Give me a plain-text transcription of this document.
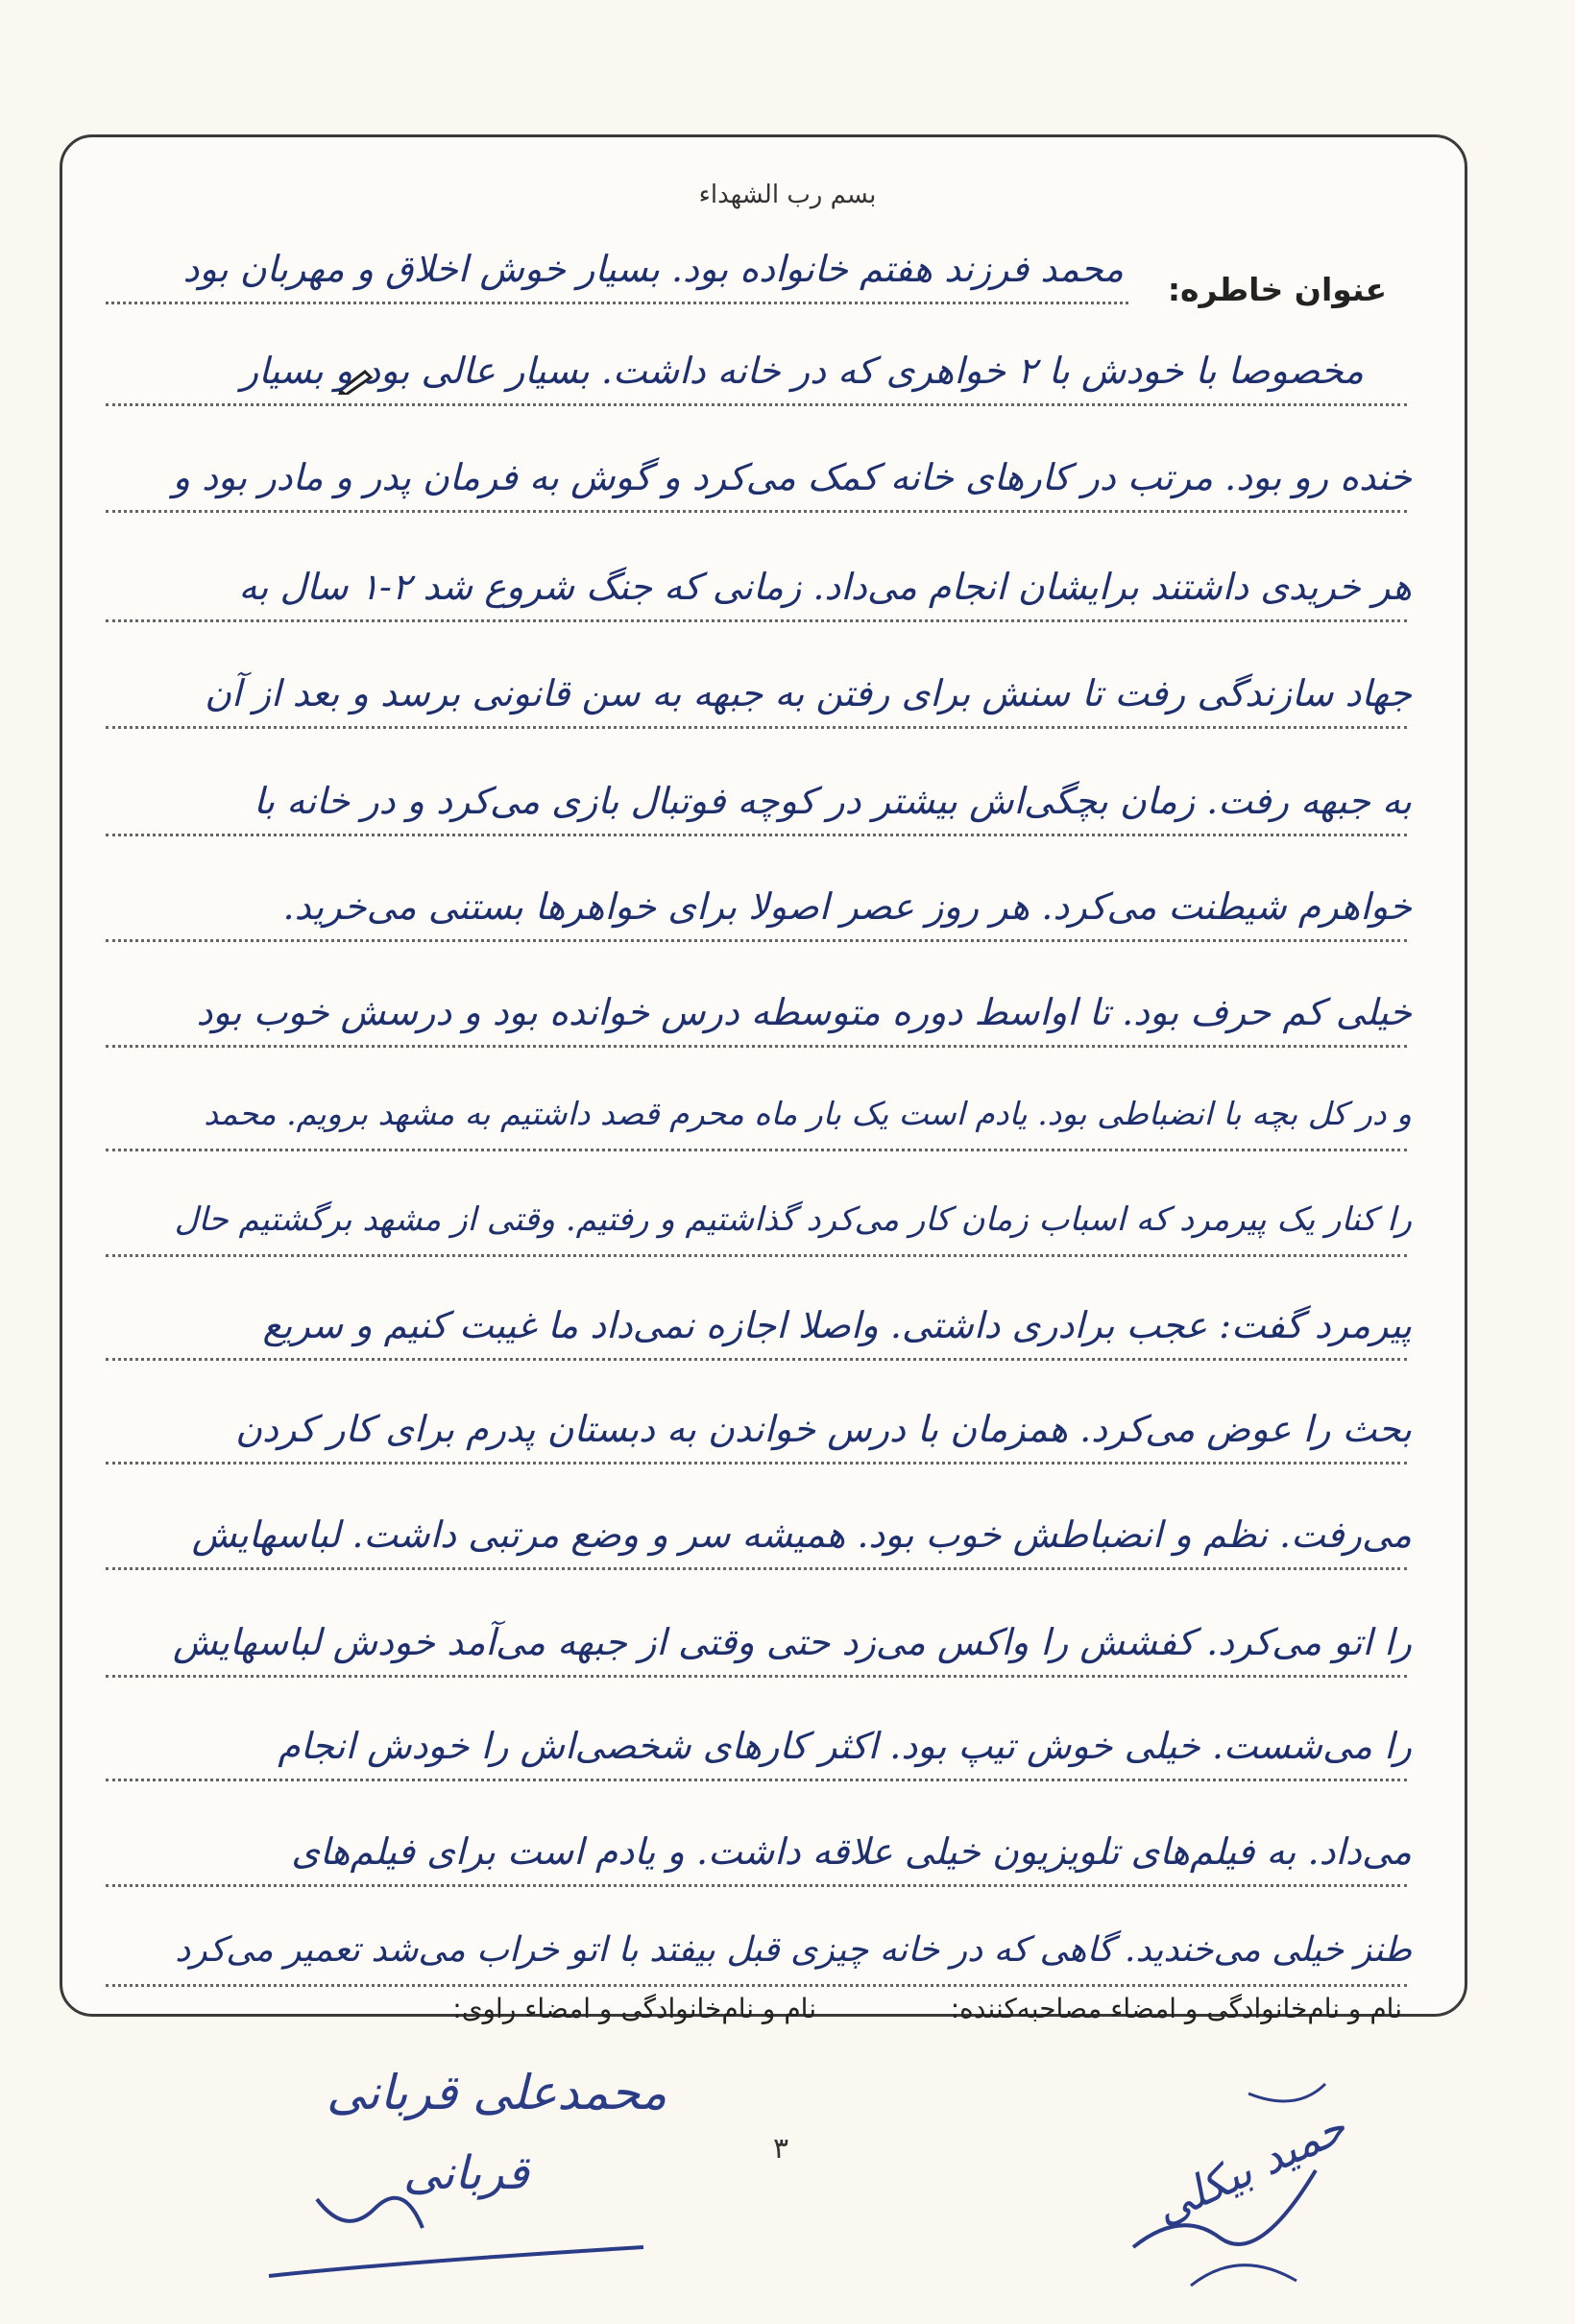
بسم رب الشهداء
عنوان خاطره:
محمد فرزند هفتم خانواده بود. بسیار خوش اخلاق و مهربان بود
مخصوصا با خودش با ۲ خواهری که در خانه داشت. بسیار عالی بود و بسیار
خنده رو بود. مرتب در کارهای خانه کمک می‌کرد و گوش به فرمان پدر و مادر بود و
هر خریدی داشتند برایشان انجام می‌داد. زمانی که جنگ شروع شد ۲-۱ سال به
جهاد سازندگی رفت تا سنش برای رفتن به جبهه به سن قانونی برسد و بعد از آن
به جبهه رفت. زمان بچگی‌اش بیشتر در کوچه فوتبال بازی می‌کرد و در خانه با
خواهرم شیطنت می‌کرد. هر روز عصر اصولا برای خواهرها بستنی می‌خرید.
خیلی کم حرف بود. تا اواسط دوره متوسطه درس خوانده بود و درسش خوب بود
و در کل بچه با انضباطی بود. یادم است یک بار ماه محرم قصد داشتیم به مشهد برویم. محمد
را کنار یک پیرمرد که اسباب زمان کار می‌کرد گذاشتیم و رفتیم. وقتی از مشهد برگشتیم حال
پیرمرد گفت: عجب برادری داشتی. واصلا اجازه نمی‌داد ما غیبت کنیم و سریع
بحث را عوض می‌کرد. همزمان با درس خواندن به دبستان پدرم برای کار کردن
می‌رفت. نظم و انضباطش خوب بود. همیشه سر و وضع مرتبی داشت. لباسهایش
را اتو می‌کرد. کفشش را واکس می‌زد حتی وقتی از جبهه می‌آمد خودش لباسهایش
را می‌شست. خیلی خوش تیپ بود. اکثر کارهای شخصی‌اش را خودش انجام
می‌داد. به فیلم‌های تلویزیون خیلی علاقه داشت. و یادم است برای فیلم‌های
طنز خیلی می‌خندید. گاهی که در خانه چیزی قبل بیفتد با اتو خراب می‌شد تعمیر می‌کرد
نام و نام‌خانوادگی و امضاء مصاحبه‌کننده:
نام و نام‌خانوادگی و امضاء راوی:
۳
محمدعلی قربانی
قربانی	حمید بیکلی
